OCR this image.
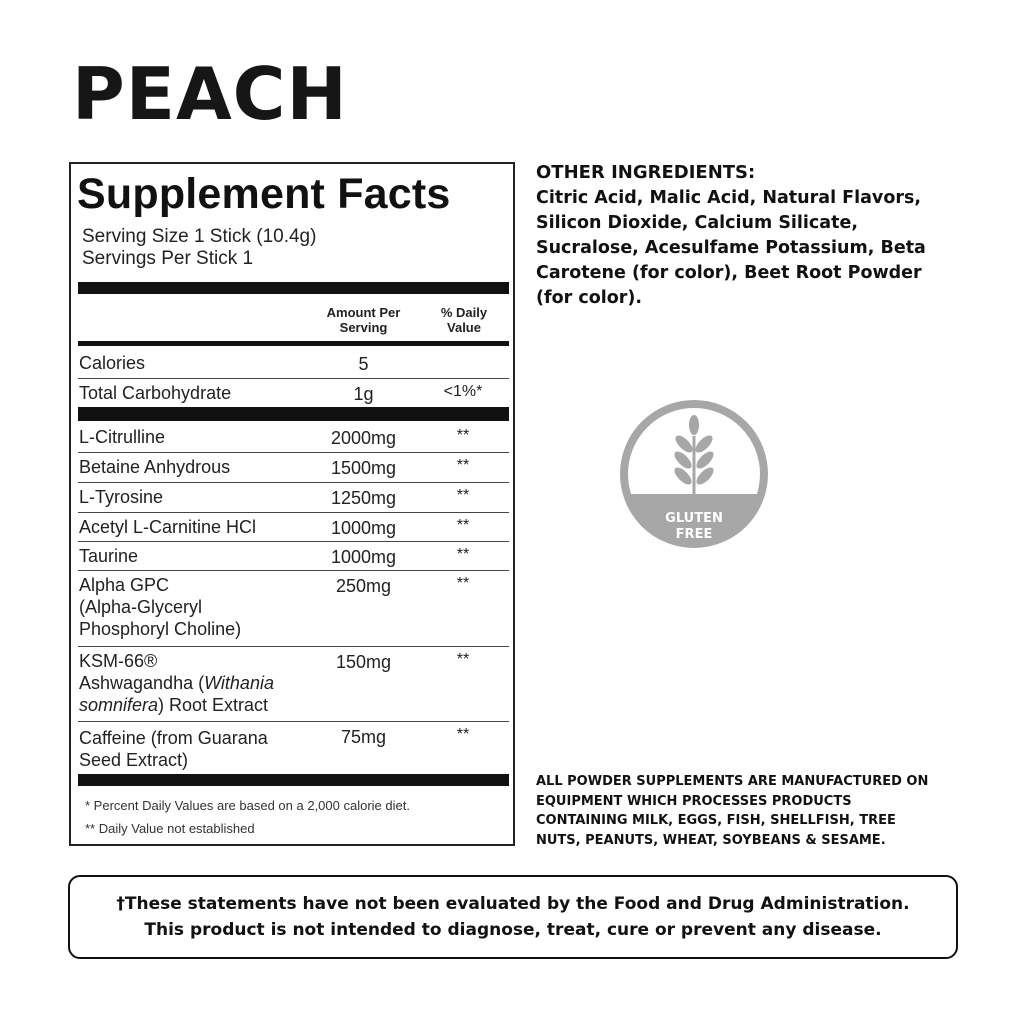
PEACH
Supplement Facts
Serving Size 1 Stick (10.4g)
Servings Per Stick 1
Amount Per Serving
% Daily Value
Calories	5
Total Carbohydrate	1g	<1%*
L-Citrulline	2000mg	**
Betaine Anhydrous	1500mg	**
L-Tyrosine	1250mg	**
Acetyl L-Carnitine HCl	1000mg	**
Taurine	1000mg	**
Alpha GPC
(Alpha-Glyceryl
Phosphoryl Choline)
250mg	**
KSM-66®
Ashwagandha (Withania
somnifera) Root Extract
150mg	**
Caffeine (from Guarana
Seed Extract)
75mg	**
* Percent Daily Values are based on a 2,000 calorie diet.
** Daily Value not established
OTHER INGREDIENTS:
Citric Acid, Malic Acid, Natural Flavors, Silicon Dioxide, Calcium Silicate, Sucralose, Acesulfame Potassium, Beta Carotene (for color), Beet Root Powder (for color).
GLUTEN
FREE
ALL POWDER SUPPLEMENTS ARE MANUFACTURED ON EQUIPMENT WHICH PROCESSES PRODUCTS CONTAINING MILK, EGGS, FISH, SHELLFISH, TREE NUTS, PEANUTS, WHEAT, SOYBEANS & SESAME.
†These statements have not been evaluated by the Food and Drug Administration.
This product is not intended to diagnose, treat, cure or prevent any disease.
